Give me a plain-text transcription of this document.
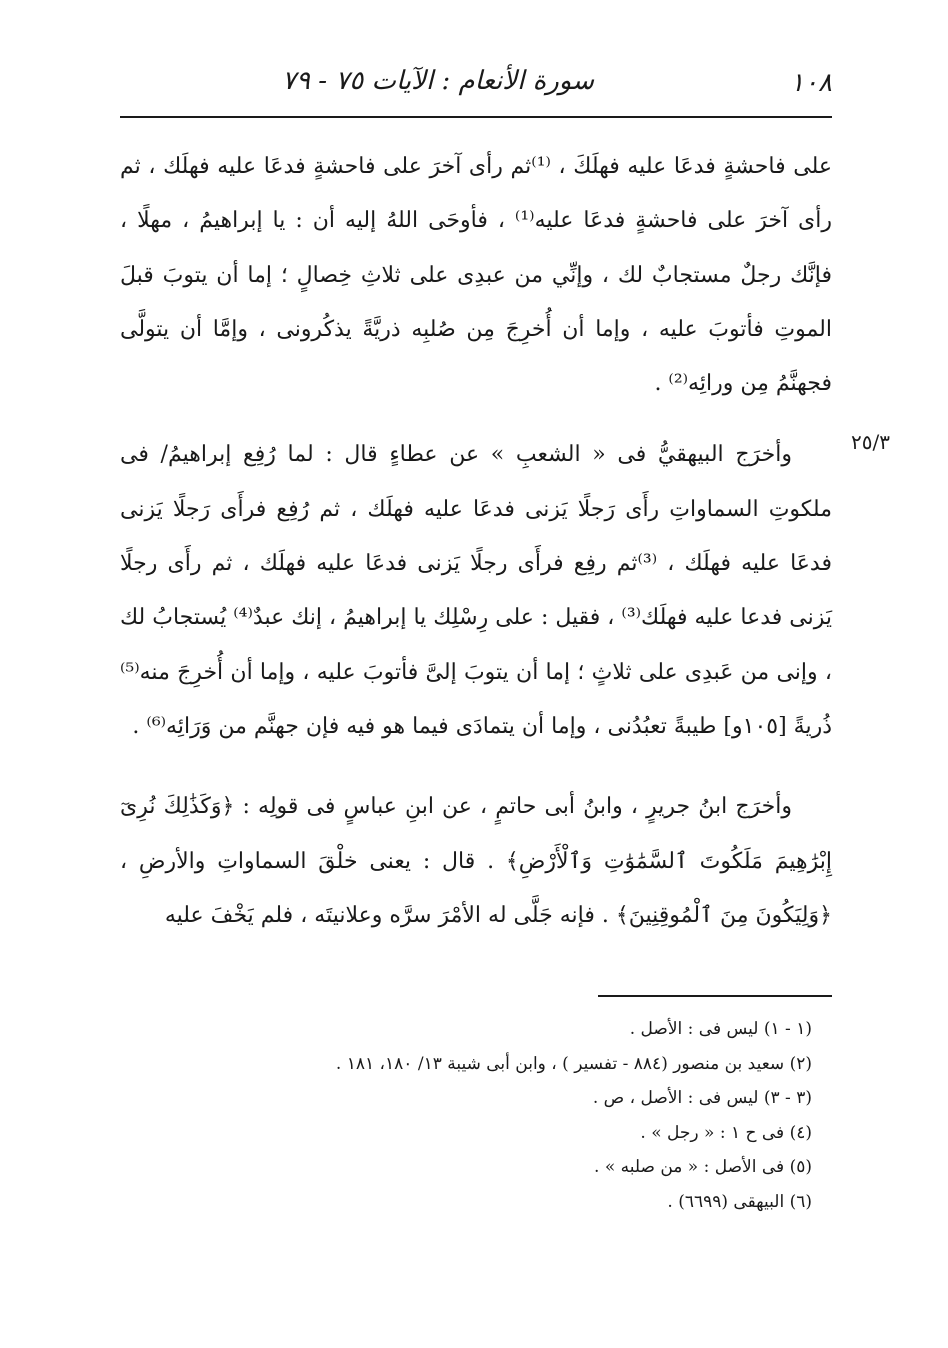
١٠٨
سورة الأنعام : الآيات ٧٥ - ٧٩
٢٥/٣

على فاحشةٍ فدعَا عليه فهلَكَ ، ⁽¹⁾ثم رأى آخرَ على فاحشةٍ فدعَا عليه فهلَك ، ثم رأى آخرَ على فاحشةٍ فدعَا عليه⁽¹⁾ ، فأوحَى اللهُ إليه أن : يا إبراهيمُ ، مهلًا ، فإنَّك رجلٌ مستجابٌ لك ، وإنِّي من عبدِى على ثلاثِ خِصالٍ ؛ إما أن يتوبَ قبلَ الموتِ فأتوبَ عليه ، وإما أن أُخرِجَ مِن صُلبِه ذريَّةً يذكُرونى ، وإمَّا أن يتولَّى فجهنَّمُ مِن ورائِه⁽²⁾ .

وأخرَج البيهقيُّ فى « الشعبِ » عن عطاءٍ قال : لما رُفِع إبراهيمُ/ فى ملكوتِ السماواتِ رأَى رَجلًا يَزنى فدعَا عليه فهلَك ، ثم رُفِع فرأَى رَجلًا يَزنى فدعَا عليه فهلَك ، ⁽³⁾ثم رفِع فرأَى رجلًا يَزنى فدعَا عليه فهلَك ، ثم رأَى رجلًا يَزنى فدعا عليه فهلَك⁽³⁾ ، فقيل : على رِسْلِك يا إبراهيمُ ، إنك عبدٌ⁽⁴⁾ يُستجابُ لك ، وإنى من عَبدِى على ثلاثٍ ؛ إما أن يتوبَ إلىَّ فأتوبَ عليه ، وإما أن أُخرِجَ منه⁽⁵⁾ ذُريةً [١٠٥و] طيبةً تعبُدُنى ، وإما أن يتمادَى فيما هو فيه فإن جهنَّم من وَرَائِه⁽⁶⁾ .

وأخرَج ابنُ جريرٍ ، وابنُ أبى حاتمٍ ، عن ابنِ عباسٍ فى قولِه : ﴿وَكَذَٰلِكَ نُرِىٓ إِبْرَٰهِيمَ مَلَكُوتَ ٱلسَّمَٰوَٰتِ وَٱلْأَرْضِ﴾ . قال : يعنى خلْقَ السماواتِ والأرضِ ، ﴿وَلِيَكُونَ مِنَ ٱلْمُوقِنِينَ﴾ . فإنه جَلَّى له الأمْرَ سرَّه وعلانيتَه ، فلم يَخْفَ عليه

(١ - ١) ليس فى : الأصل .
(٢) سعيد بن منصور (٨٨٤ - تفسير ) ، وابن أبى شيبة ١٣/ ١٨٠، ١٨١ .
(٣ - ٣) ليس فى : الأصل ، ص .
(٤) فى ح ١ : « رجل » .
(٥) فى الأصل : « من صلبه » .
(٦) البيهقى (٦٦٩٩) .
